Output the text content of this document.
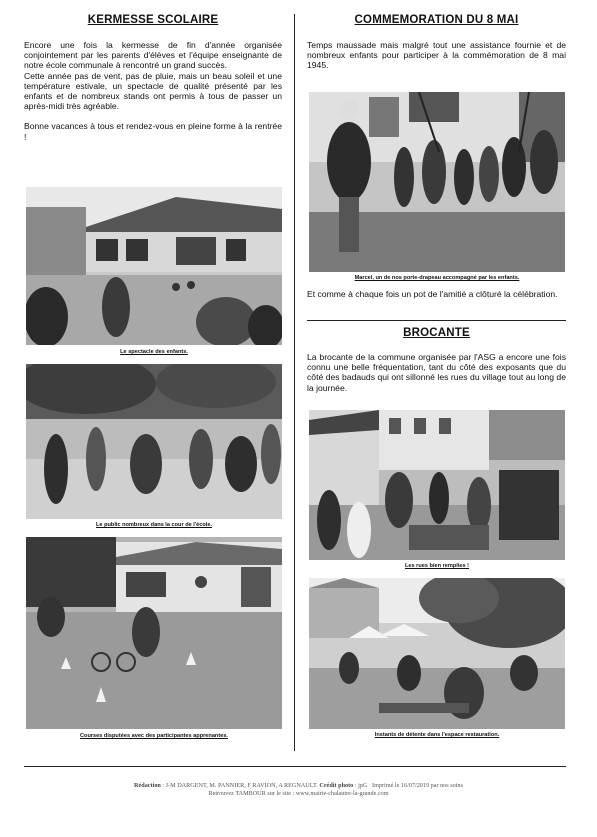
KERMESSE SCOLAIRE

Encore une fois la kermesse de fin d'année organisée conjointement par les parents d'élèves et l'équipe enseignante de notre école communale à rencontré un grand succès.

Cette année pas de vent, pas de pluie, mais un beau soleil et une température estivale, un spectacle de qualité présenté par les enfants et de nombreux stands ont permis à tous de passer un après-midi très agréable.

Bonne vacances à tous et rendez-vous en pleine forme à la rentrée !

Le spectacle des enfants.
Le public nombreux dans la cour de l'école.
Courses disputées avec des participantes apprenantes.
COMMEMORATION DU 8 MAI

Temps maussade mais malgré tout une assistance fournie et de nombreux enfants pour participer à la commémoration de 8 mai 1945.

Marcel, un de nos porte-drapeau accompagné par les enfants.

Et comme à chaque fois un pot de l'amitié a clôturé la célébration.

BROCANTE

La brocante de la commune organisée par l'ASG a encore une fois connu une belle fréquentation, tant du côté des exposants que du côté des badauds qui ont sillonné les rues du village tout au long de la journée.

Les rues bien remplies !
Instants de détente dans l'espace restauration.
Rédaction : J-M DARGENT, M. PANNIER, F RAVION, A REGNAULT. Crédit photo : jpG Imprimé le 16/07/2019 par nos soins
Retrouvez TAMBOUR sur le site : www.mairie-chalautre-la-grande.com
